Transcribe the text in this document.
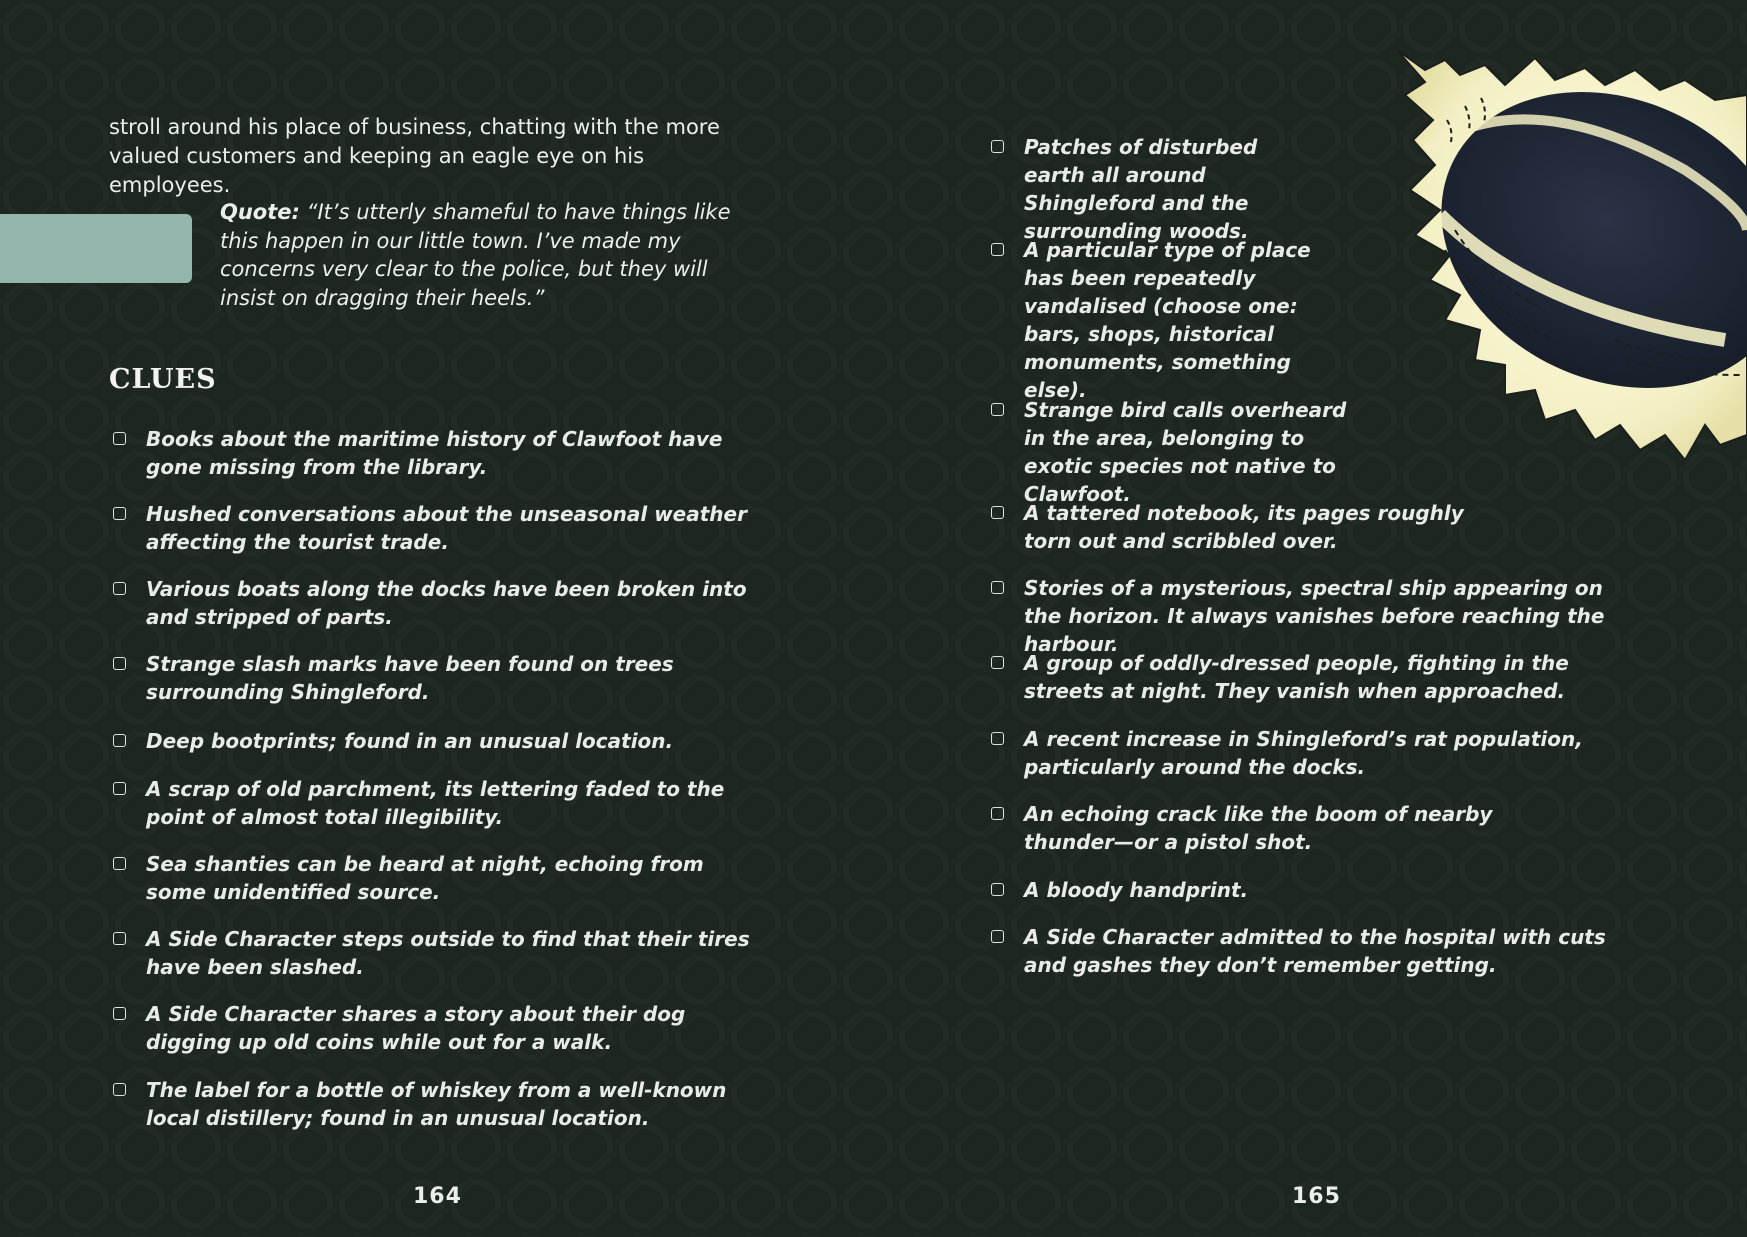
stroll around his place of business, chatting with the more valued customers and keeping an eagle eye on his employees.

Quote: “It’s utterly shameful to have things like this happen in our little town. I’ve made my concerns very clear to the police, but they will insist on dragging their heels.”

CLUES
Books about the maritime history of Clawfoot have gone missing from the library.
Hushed conversations about the unseasonal weather affecting the tourist trade.
Various boats along the docks have been broken into and stripped of parts.
Strange slash marks have been found on trees surrounding Shingleford.
Deep bootprints; found in an unusual location.
A scrap of old parchment, its lettering faded to the point of almost total illegibility.
Sea shanties can be heard at night, echoing from some unidentified source.
A Side Character steps outside to find that their tires have been slashed.
A Side Character shares a story about their dog digging up old coins while out for a walk.
The label for a bottle of whiskey from a well-known local distillery; found in an unusual location.

164

Patches of disturbed earth all around Shingleford and the surrounding woods.
A particular type of place has been repeatedly vandalised (choose one: bars, shops, historical monuments, something else).
Strange bird calls overheard in the area, belonging to exotic species not native to Clawfoot.
A tattered notebook, its pages roughly torn out and scribbled over.
Stories of a mysterious, spectral ship appearing on the horizon. It always vanishes before reaching the harbour.
A group of oddly-dressed people, fighting in the streets at night. They vanish when approached.
A recent increase in Shingleford’s rat population, particularly around the docks.
An echoing crack like the boom of nearby thunder—or a pistol shot.
A bloody handprint.
A Side Character admitted to the hospital with cuts and gashes they don’t remember getting.

165
